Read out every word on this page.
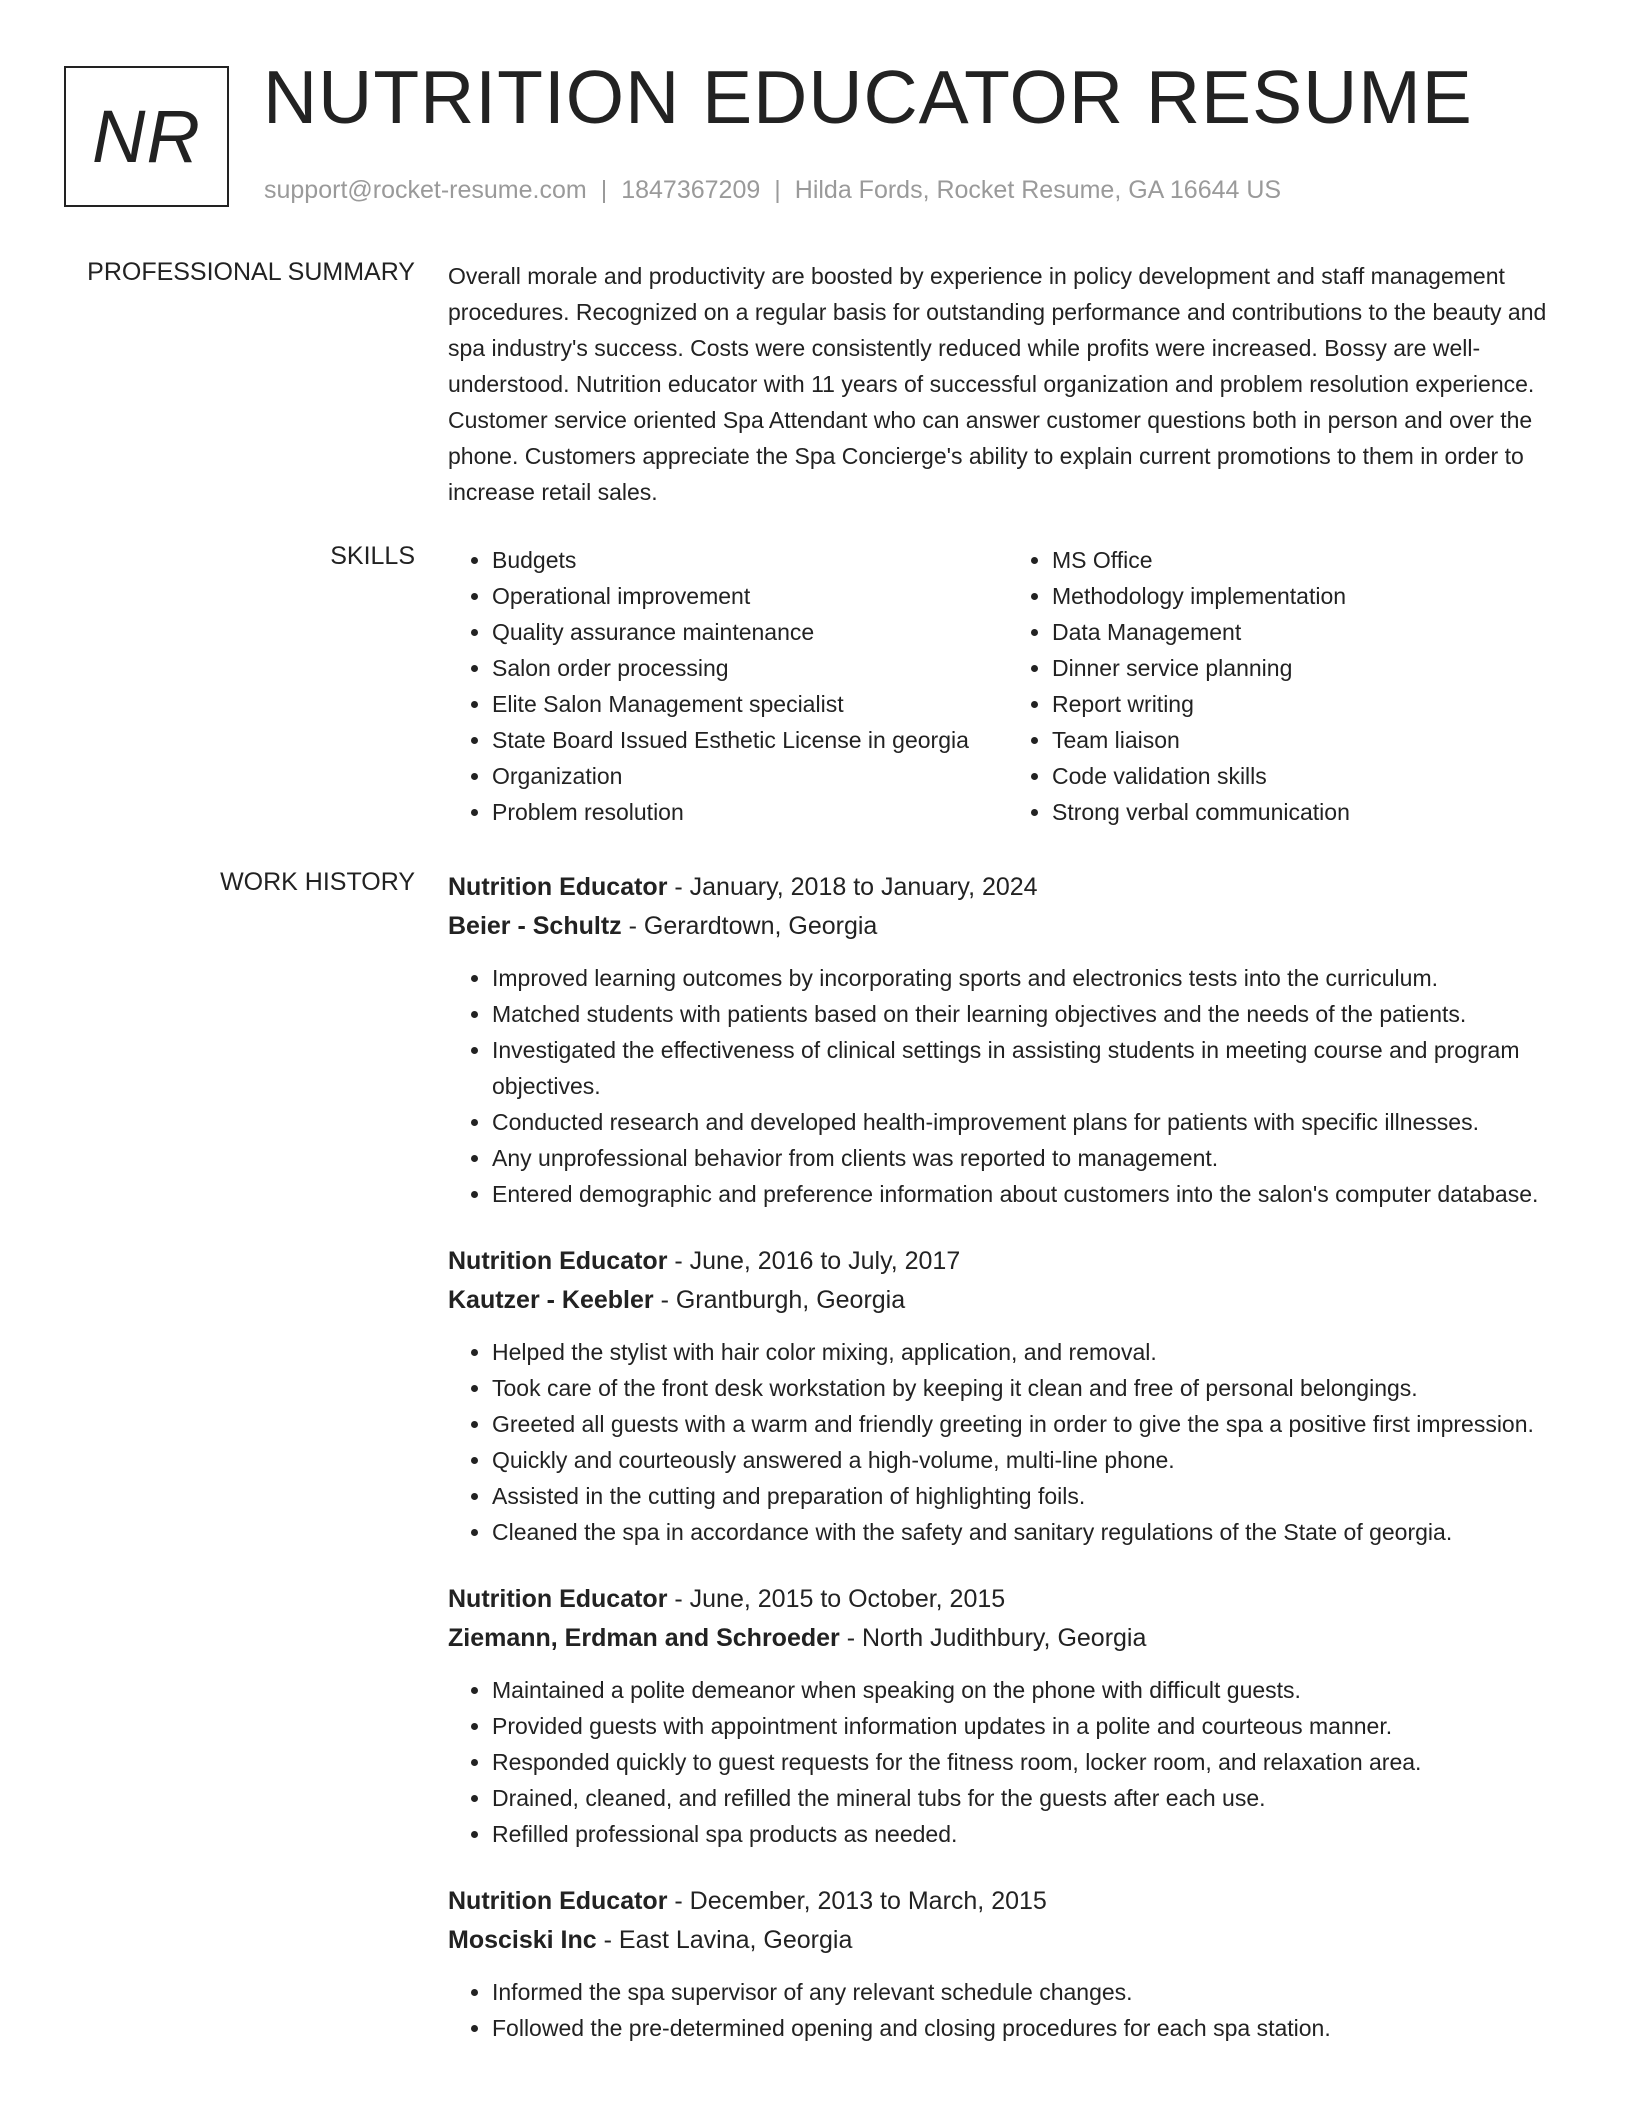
NR NUTRITION EDUCATOR RESUME
support@rocket-resume.com | 1847367209 | Hilda Fords, Rocket Resume, GA 16644 US
PROFESSIONAL SUMMARY Overall morale and productivity are boosted by experience in policy development and staff management procedures. Recognized on a regular basis for outstanding performance and contributions to the beauty and spa industry's success. Costs were consistently reduced while profits were increased. Bossy are well-understood. Nutrition educator with 11 years of successful organization and problem resolution experience. Customer service oriented Spa Attendant who can answer customer questions both in person and over the phone. Customers appreciate the Spa Concierge's ability to explain current promotions to them in order to increase retail sales.
SKILLS
•	Budgets
• Operational improvement
• Quality assurance maintenance
• Salon order processing
• Elite Salon Management specialist
• State Board Issued Esthetic License in georgia
• Organization
• Problem resolution
• MS Office
• Methodology implementation
• Data Management
• Dinner service planning
• Report writing
• Team liaison
• Code validation skills
• Strong verbal communication
WORK HISTORY Nutrition Educator - January, 2018 to January, 2024
Beier - Schultz - Gerardtown, Georgia
• Improved learning outcomes by incorporating sports and electronics tests into the curriculum.
• Matched students with patients based on their learning objectives and the needs of the patients.
• Investigated the effectiveness of clinical settings in assisting students in meeting course and program objectives.
• Conducted research and developed health-improvement plans for patients with specific illnesses.
• Any unprofessional behavior from clients was reported to management.
• Entered demographic and preference information about customers into the salon's computer database.
Nutrition Educator - June, 2016 to July, 2017
Kautzer - Keebler - Grantburgh, Georgia
• Helped the stylist with hair color mixing, application, and removal.
• Took care of the front desk workstation by keeping it clean and free of personal belongings.
• Greeted all guests with a warm and friendly greeting in order to give the spa a positive first impression.
• Quickly and courteously answered a high-volume, multi-line phone.
• Assisted in the cutting and preparation of highlighting foils.
• Cleaned the spa in accordance with the safety and sanitary regulations of the State of georgia.
Nutrition Educator - June, 2015 to October, 2015
Ziemann, Erdman and Schroeder - North Judithbury, Georgia
• Maintained a polite demeanor when speaking on the phone with difficult guests.
• Provided guests with appointment information updates in a polite and courteous manner.
• Responded quickly to guest requests for the fitness room, locker room, and relaxation area.
• Drained, cleaned, and refilled the mineral tubs for the guests after each use.
• Refilled professional spa products as needed.
Nutrition Educator - December, 2013 to March, 2015
Mosciski Inc - East Lavina, Georgia
• Informed the spa supervisor of any relevant schedule changes.
• Followed the pre-determined opening and closing procedures for each spa station.
